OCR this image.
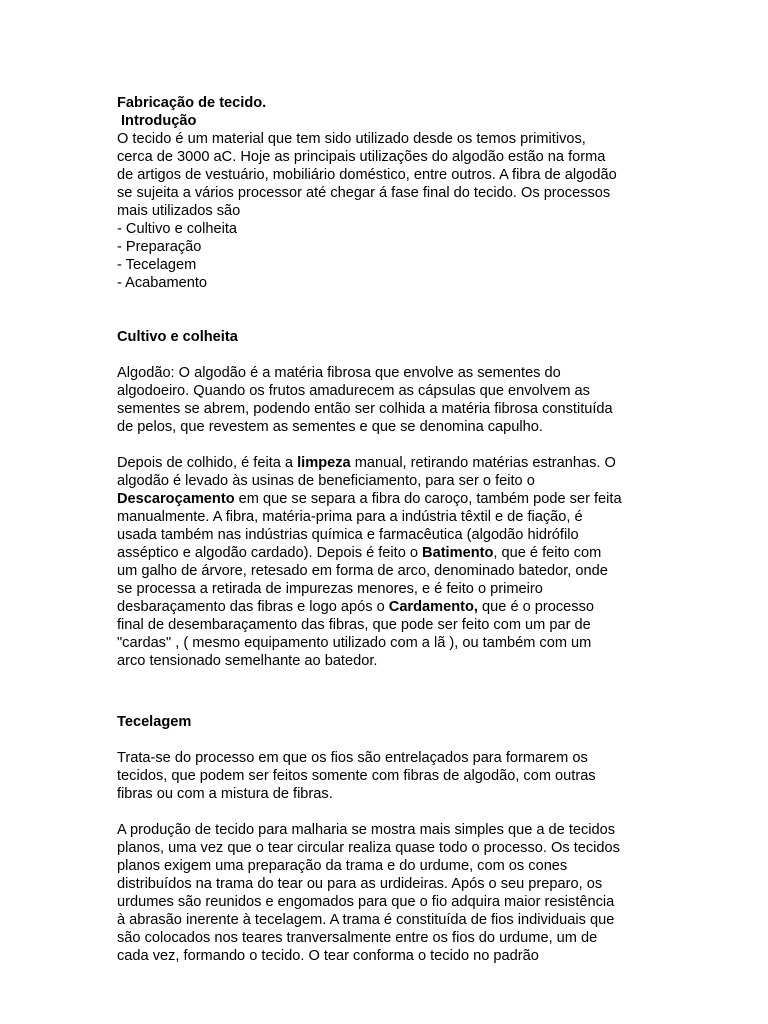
Fabricação de tecido.
Introdução
O tecido é um material que tem sido utilizado desde os temos primitivos,
cerca de 3000 aC. Hoje as principais utilizações do algodão estão na forma
de artigos de vestuário, mobiliário doméstico, entre outros. A fibra de algodão
se sujeita a vários processor até chegar á fase final do tecido. Os processos
mais utilizados são
- Cultivo e colheita
- Preparação
- Tecelagem
- Acabamento
Cultivo e colheita
Algodão: O algodão é a matéria fibrosa que envolve as sementes do
algodoeiro. Quando os frutos amadurecem as cápsulas que envolvem as
sementes se abrem, podendo então ser colhida a matéria fibrosa constituída
de pelos, que revestem as sementes e que se denomina capulho.
Depois de colhido, é feita a limpeza manual, retirando matérias estranhas. O
algodão é levado às usinas de beneficiamento, para ser o feito o
Descaroçamento em que se separa a fibra do caroço, também pode ser feita
manualmente. A fibra, matéria-prima para a indústria têxtil e de fiação, é
usada também nas indústrias química e farmacêutica (algodão hidrófilo
asséptico e algodão cardado). Depois é feito o Batimento, que é feito com
um galho de árvore, retesado em forma de arco, denominado batedor, onde
se processa a retirada de impurezas menores, e é feito o primeiro
desbaraçamento das fibras e logo após o Cardamento, que é o processo
final de desembaraçamento das fibras, que pode ser feito com um par de
"cardas" , ( mesmo equipamento utilizado com a lã ), ou também com um
arco tensionado semelhante ao batedor.
Tecelagem
Trata-se do processo em que os fios são entrelaçados para formarem os
tecidos, que podem ser feitos somente com fibras de algodão, com outras
fibras ou com a mistura de fibras.
A produção de tecido para malharia se mostra mais simples que a de tecidos
planos, uma vez que o tear circular realiza quase todo o processo. Os tecidos
planos exigem uma preparação da trama e do urdume, com os cones
distribuídos na trama do tear ou para as urdideiras. Após o seu preparo, os
urdumes são reunidos e engomados para que o fio adquira maior resistência
à abrasão inerente à tecelagem. A trama é constituída de fios individuais que
são colocados nos teares tranversalmente entre os fios do urdume, um de
cada vez, formando o tecido. O tear conforma o tecido no padrão
